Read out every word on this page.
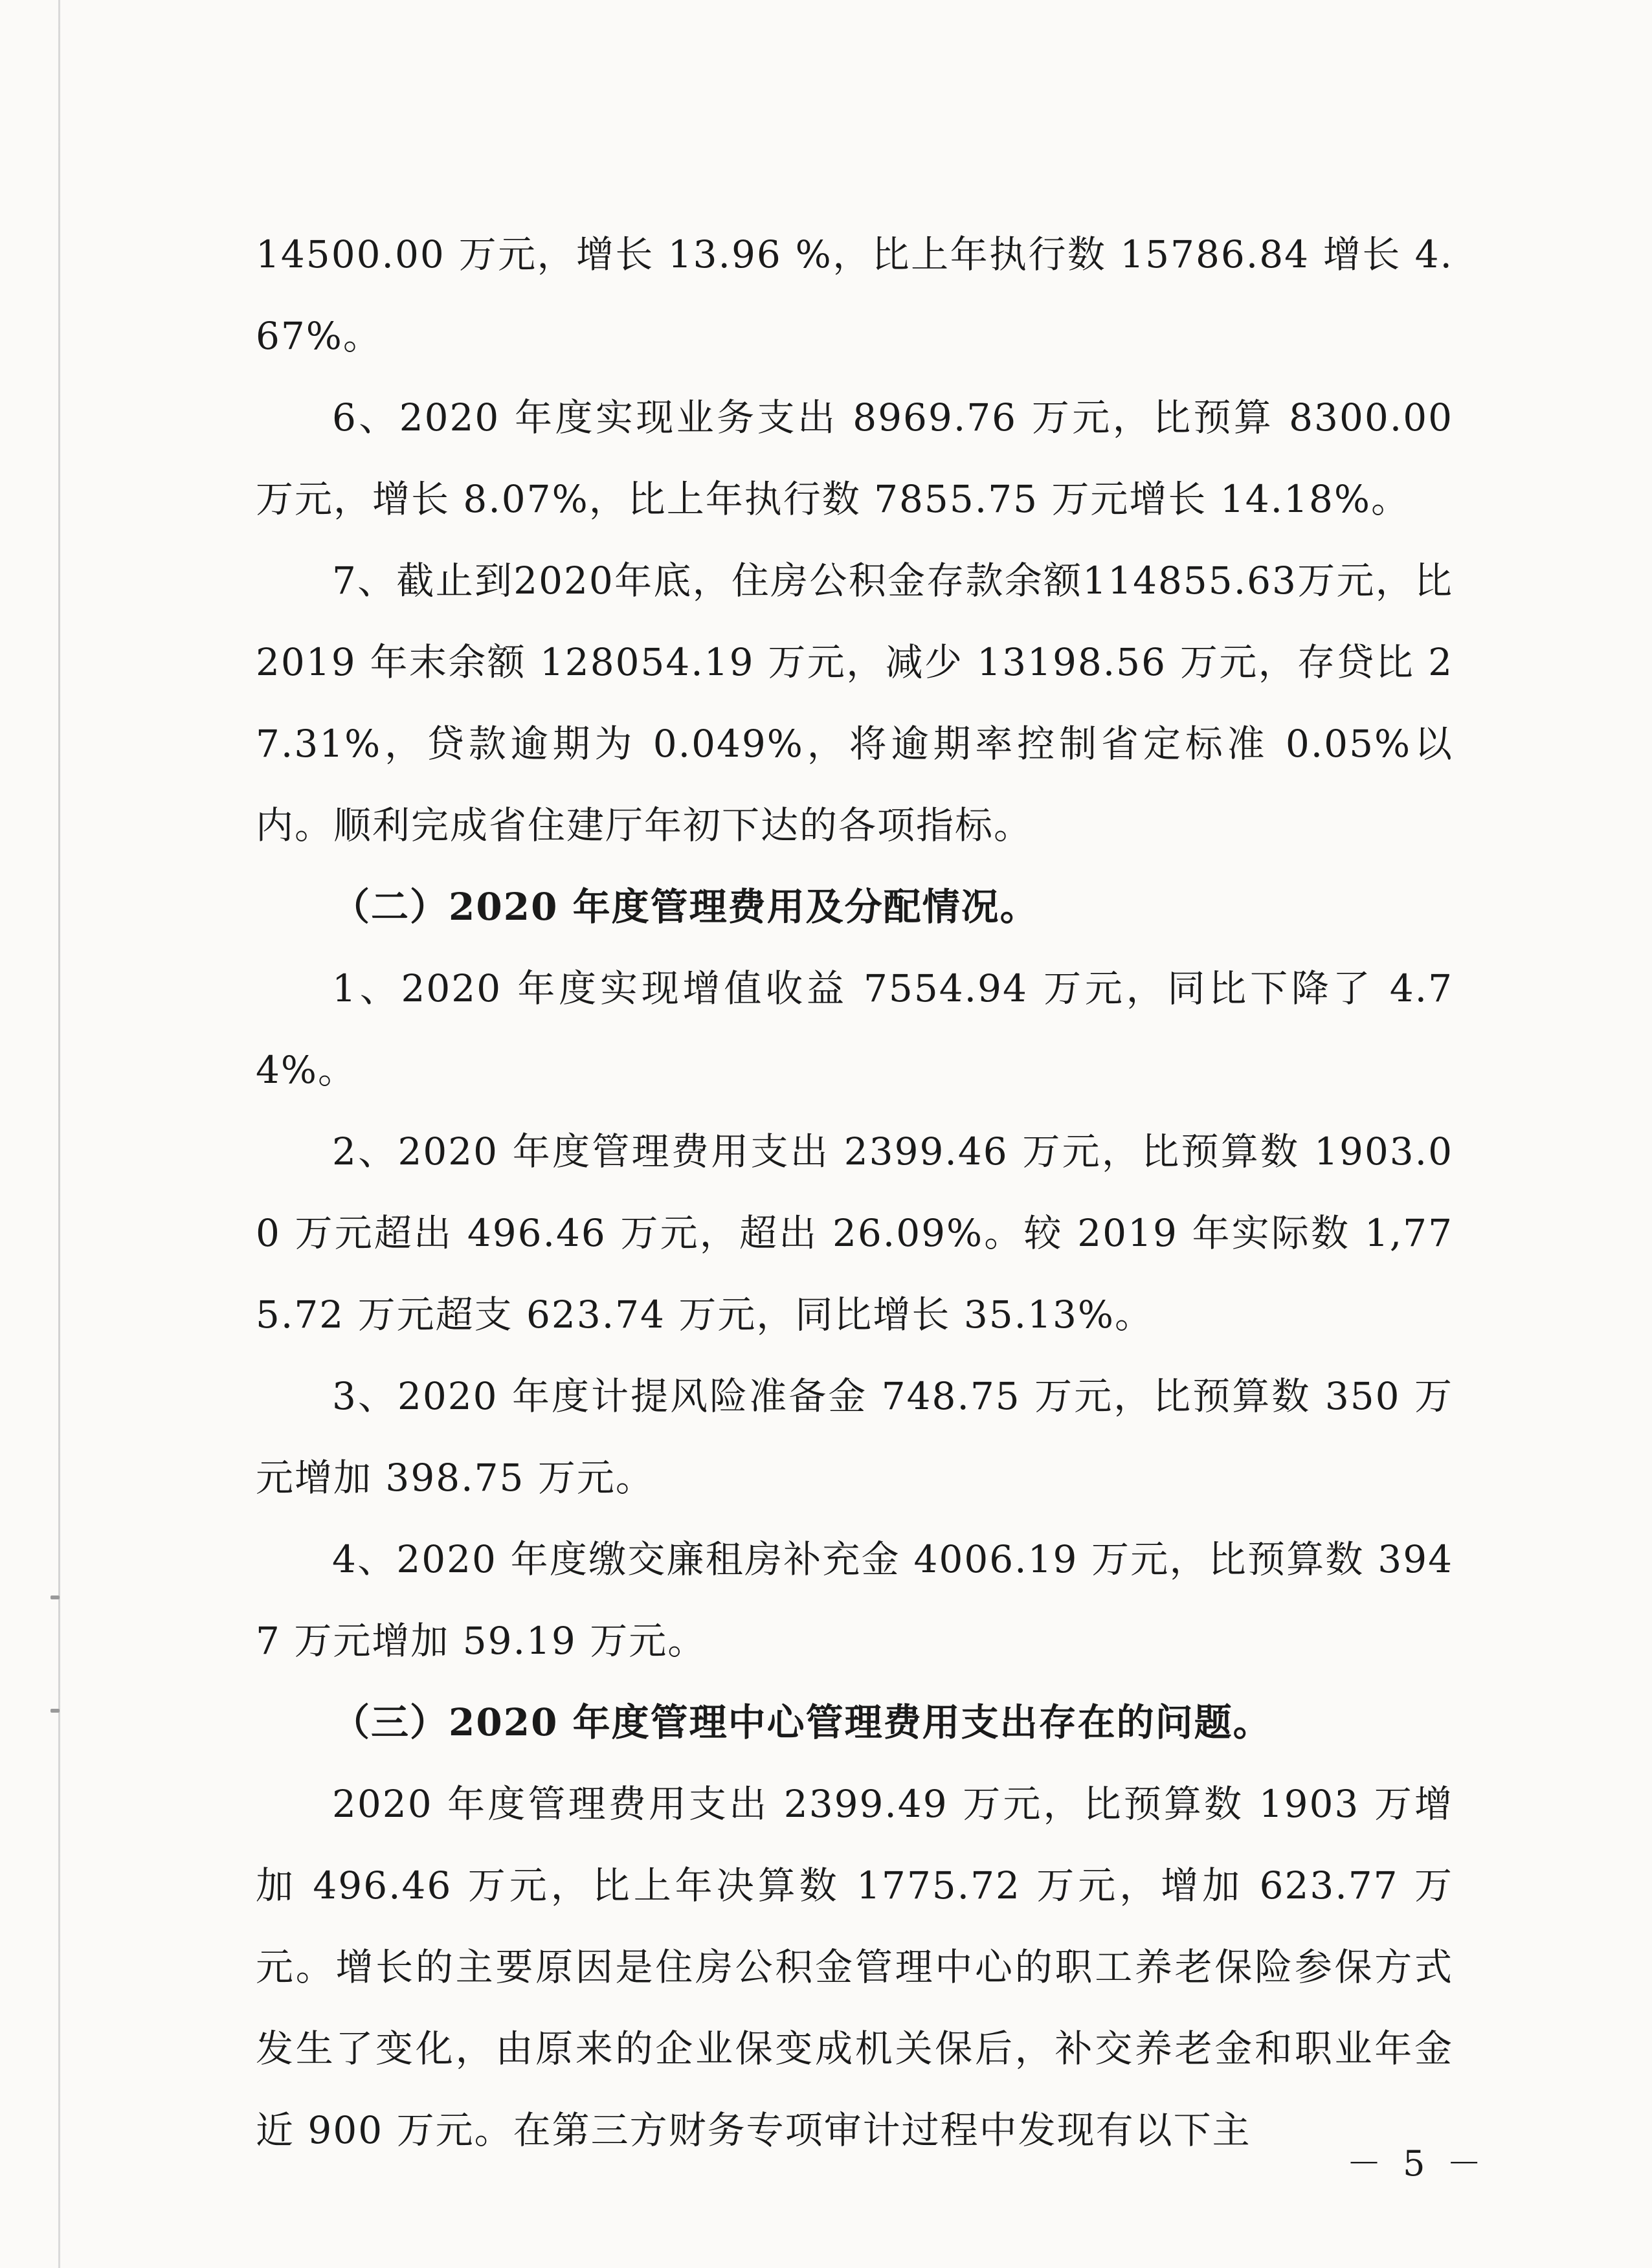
14500.00 万元，增长 13.96 %，比上年执行数 15786.84 增长 4.67%。

6、2020 年度实现业务支出 8969.76 万元，比预算 8300.00 万元，增长 8.07%，比上年执行数 7855.75 万元增长 14.18%。

7、截止到2020年底，住房公积金存款余额114855.63万元，比 2019 年末余额 128054.19 万元，减少 13198.56 万元，存贷比 27.31%，贷款逾期为 0.049%，将逾期率控制省定标准 0.05%以内。顺利完成省住建厅年初下达的各项指标。

（二）2020 年度管理费用及分配情况。

1、2020 年度实现增值收益 7554.94 万元，同比下降了 4.74%。

2、2020 年度管理费用支出 2399.46 万元，比预算数 1903.00 万元超出 496.46 万元，超出 26.09%。较 2019 年实际数 1,775.72 万元超支 623.74 万元，同比增长 35.13%。

3、2020 年度计提风险准备金 748.75 万元，比预算数 350 万元增加 398.75 万元。

4、2020 年度缴交廉租房补充金 4006.19 万元，比预算数 3947 万元增加 59.19 万元。

（三）2020 年度管理中心管理费用支出存在的问题。

2020 年度管理费用支出 2399.49 万元，比预算数 1903 万增加 496.46 万元，比上年决算数 1775.72 万元，增加 623.77 万元。增长的主要原因是住房公积金管理中心的职工养老保险参保方式发生了变化，由原来的企业保变成机关保后，补交养老金和职业年金近 900 万元。在第三方财务专项审计过程中发现有以下主

－ 5 －
